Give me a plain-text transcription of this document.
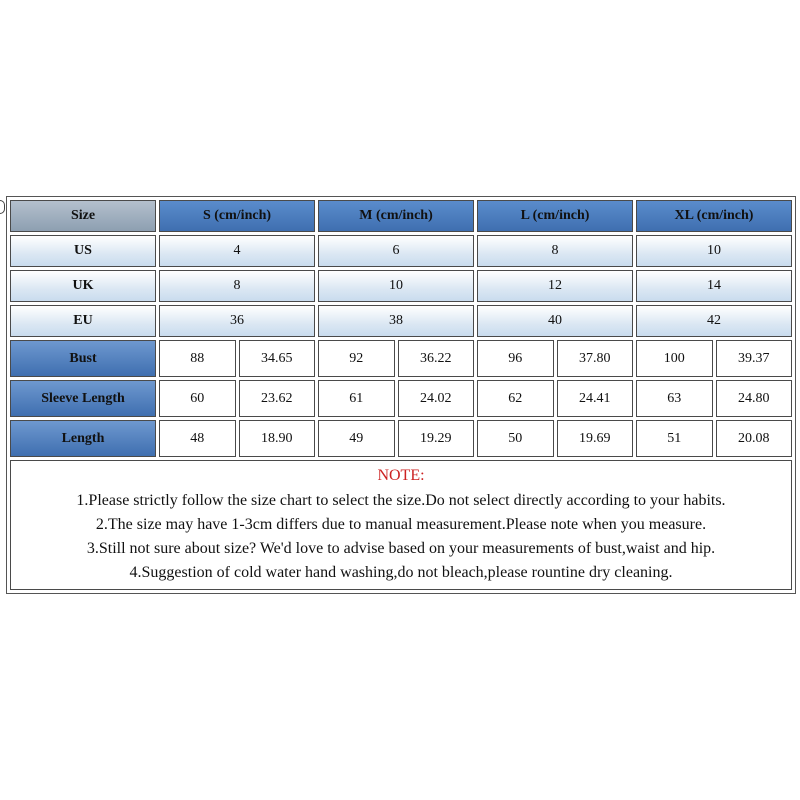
Size	S (cm/inch)		M (cm/inch)		L (cm/inch)		XL (cm/inch)	
US	4		6		8		10	
UK	8		10		12		14	
EU	36		38		40		42	
Bust	88	34.65	92	36.22	96	37.80	100	39.37
Sleeve Length	60	23.62	61	24.02	62	24.41	63	24.80
Length	48	18.90	49	19.29	50	19.69	51	20.08

NOTE:
1.Please strictly follow the size chart to select the size.Do not select directly according to your habits.
2.The size may have 1-3cm differs due to manual measurement.Please note when you measure.
3.Still not sure about size? We'd love to advise based on your measurements of bust,waist and hip.
4.Suggestion of cold water hand washing,do not bleach,please rountine dry cleaning.								
